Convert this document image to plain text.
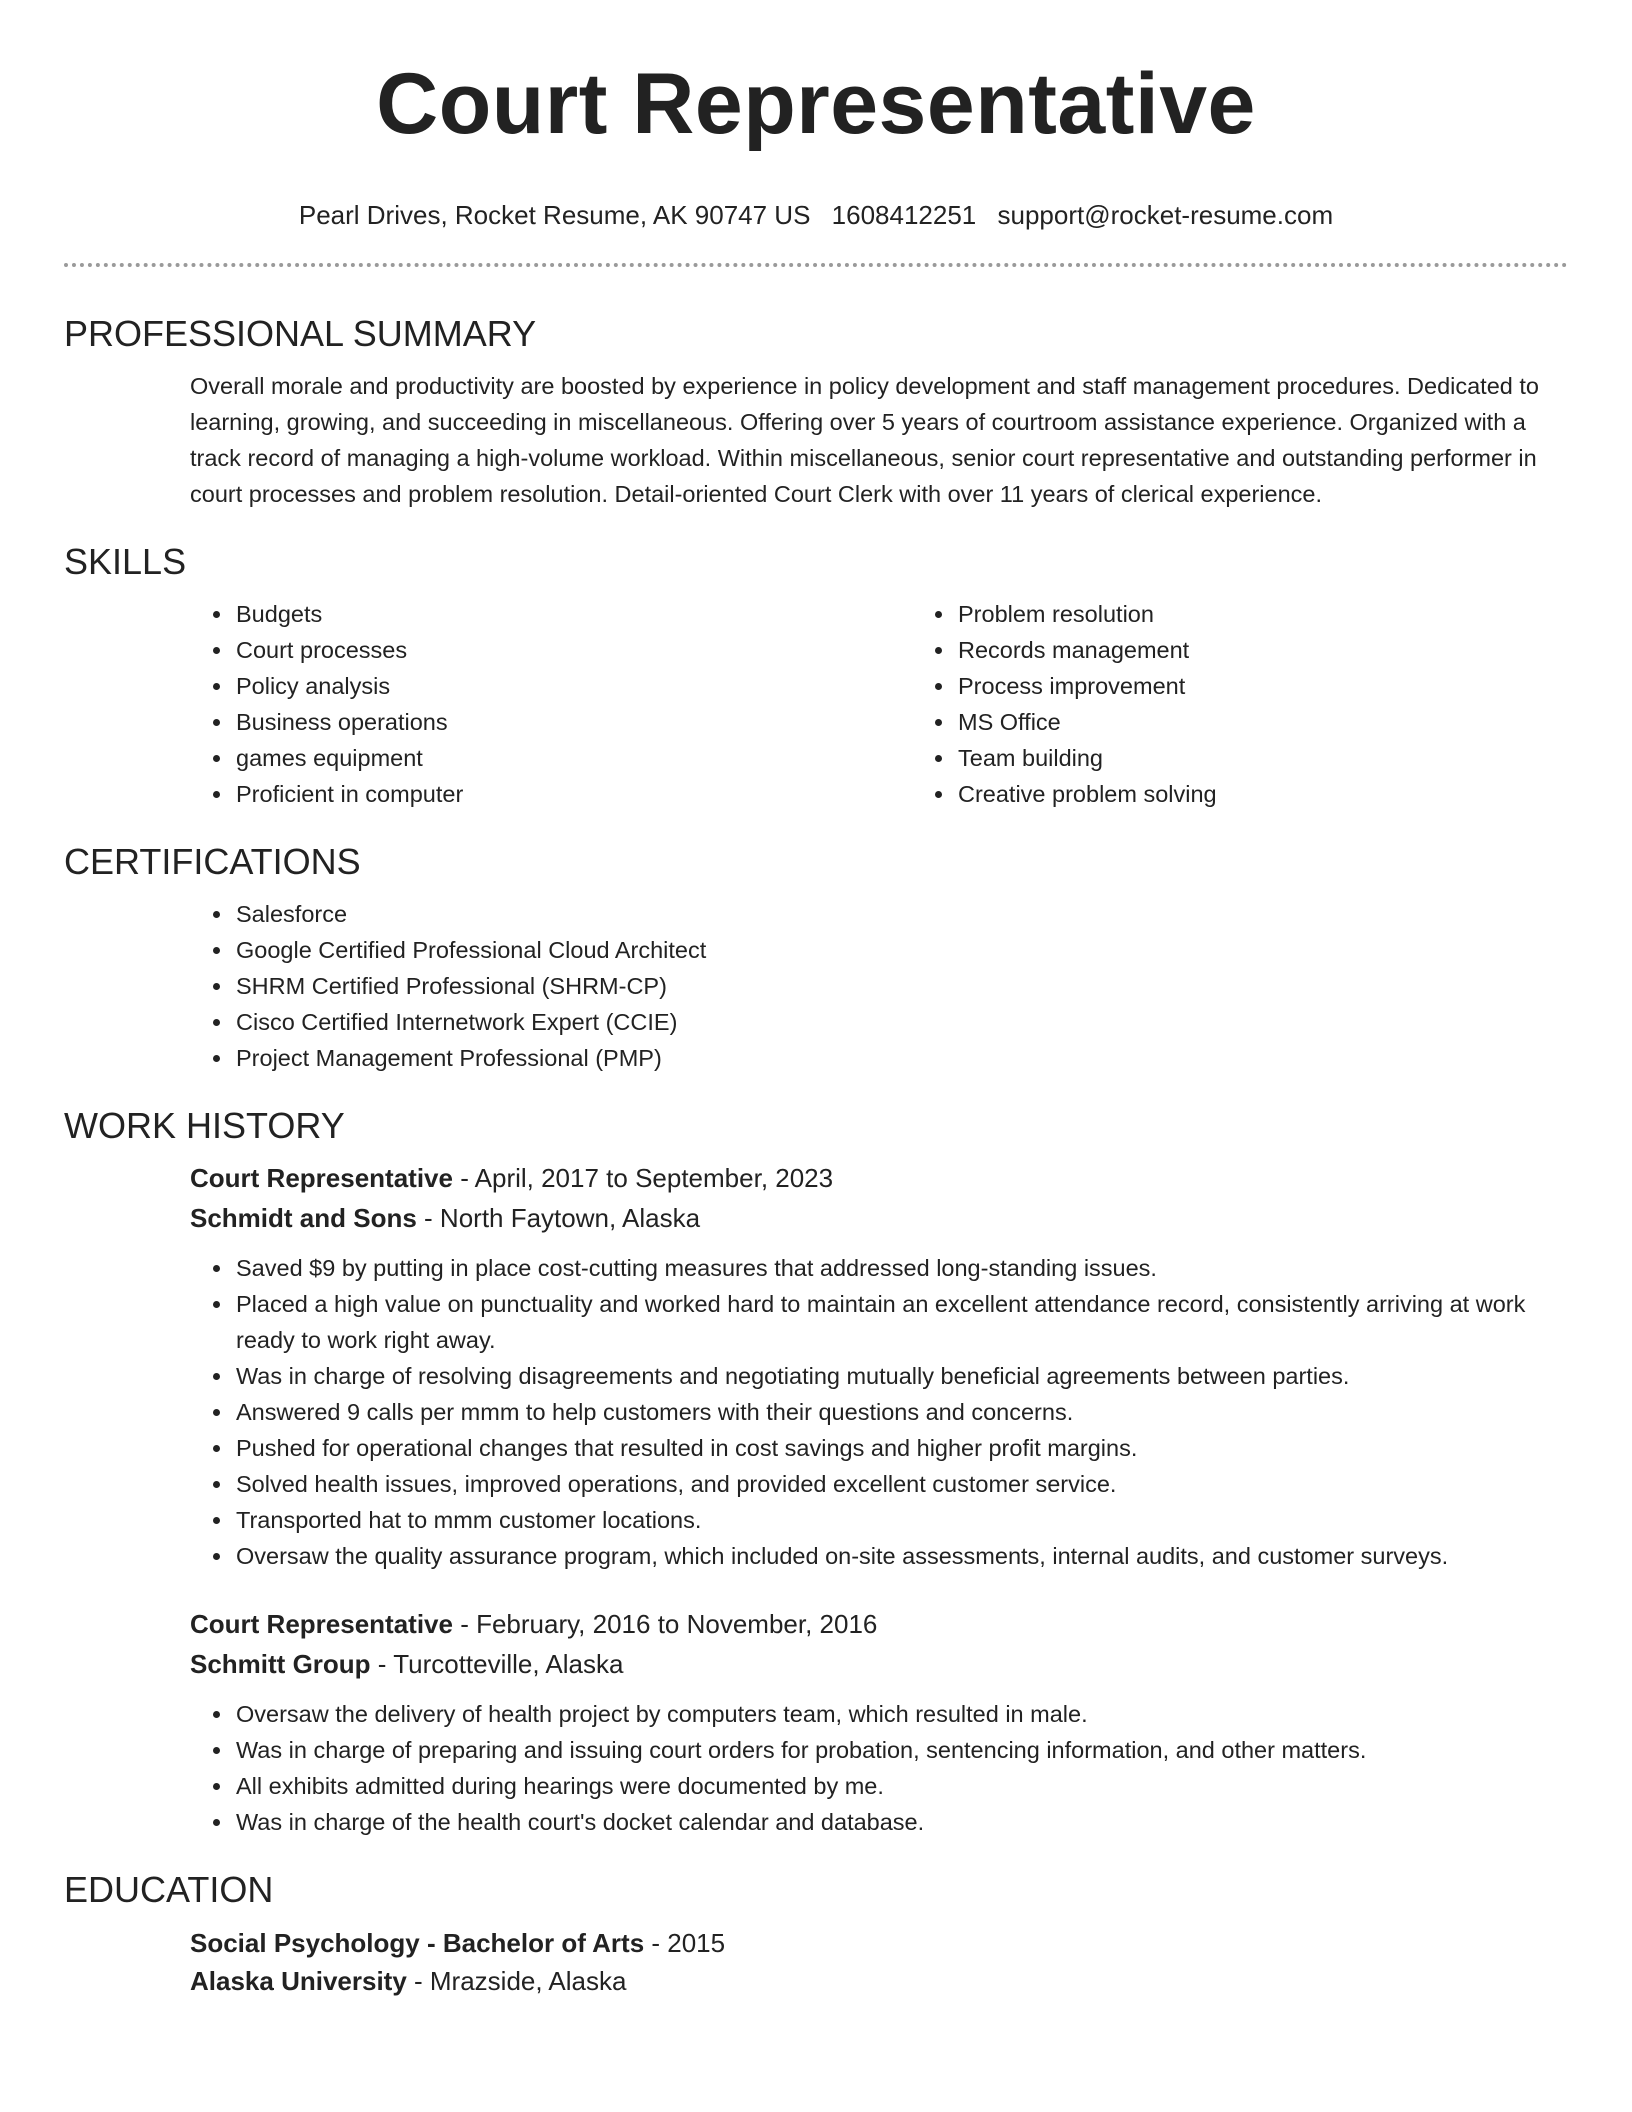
Court Representative
Pearl Drives, Rocket Resume, AK 90747 US 1608412251 support@rocket-resume.com
PROFESSIONAL SUMMARY

Overall morale and productivity are boosted by experience in policy development and staff management procedures. Dedicated to learning, growing, and succeeding in miscellaneous. Offering over 5 years of courtroom assistance experience. Organized with a track record of managing a high-volume workload. Within miscellaneous, senior court representative and outstanding performer in court processes and problem resolution. Detail-oriented Court Clerk with over 11 years of clerical experience.

SKILLS
• Budgets
• Court processes
• Policy analysis
• Business operations
• games equipment
• Proficient in computer
• Problem resolution
• Records management
• Process improvement
• MS Office
• Team building
• Creative problem solving
CERTIFICATIONS
• Salesforce
• Google Certified Professional Cloud Architect
• SHRM Certified Professional (SHRM-CP)
• Cisco Certified Internetwork Expert (CCIE)
• Project Management Professional (PMP)
WORK HISTORY
Court Representative - April, 2017 to September, 2023
Schmidt and Sons - North Faytown, Alaska
• Saved $9 by putting in place cost-cutting measures that addressed long-standing issues.
• Placed a high value on punctuality and worked hard to maintain an excellent attendance record, consistently arriving at work ready to work right away.
• Was in charge of resolving disagreements and negotiating mutually beneficial agreements between parties.
• Answered 9 calls per mmm to help customers with their questions and concerns.
• Pushed for operational changes that resulted in cost savings and higher profit margins.
• Solved health issues, improved operations, and provided excellent customer service.
• Transported hat to mmm customer locations.
• Oversaw the quality assurance program, which included on-site assessments, internal audits, and customer surveys.
Court Representative - February, 2016 to November, 2016
Schmitt Group - Turcotteville, Alaska
• Oversaw the delivery of health project by computers team, which resulted in male.
• Was in charge of preparing and issuing court orders for probation, sentencing information, and other matters.
• All exhibits admitted during hearings were documented by me.
• Was in charge of the health court's docket calendar and database.
EDUCATION
Social Psychology - Bachelor of Arts - 2015
Alaska University - Mrazside, Alaska
